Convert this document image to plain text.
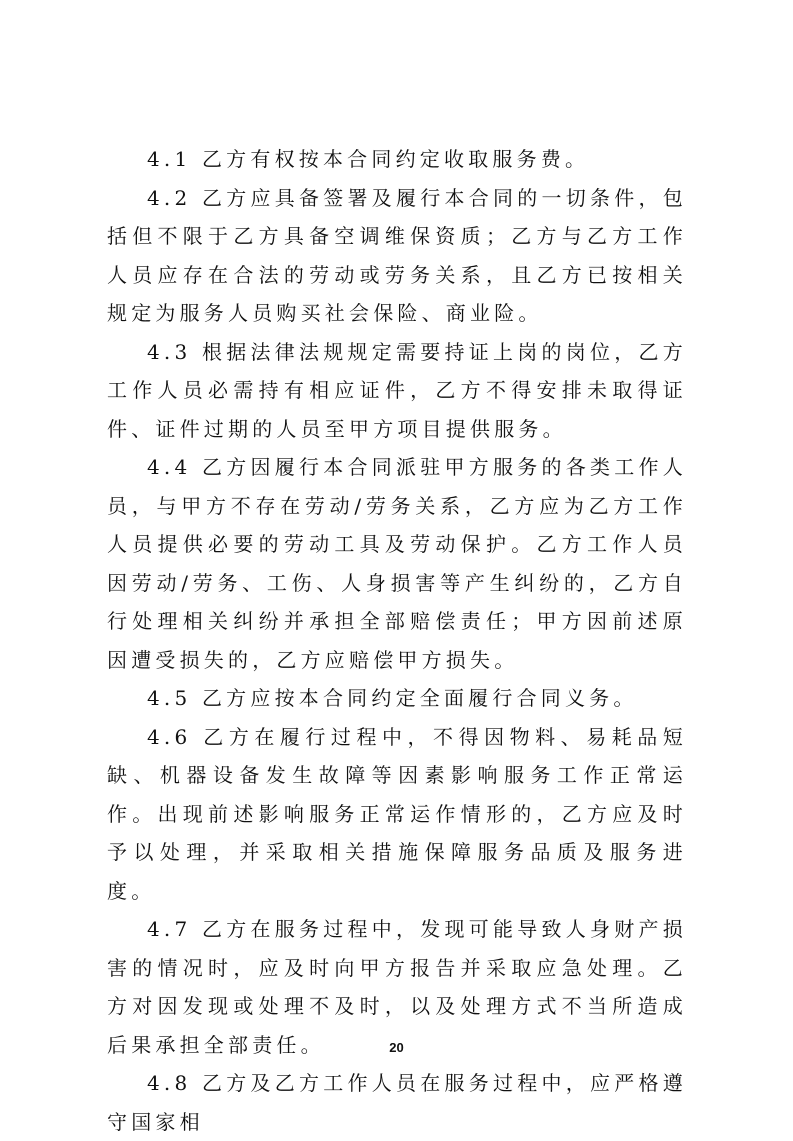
4.1 乙方有权按本合同约定收取服务费。

4.2 乙方应具备签署及履行本合同的一切条件，包括但不限于乙方具备空调维保资质；乙方与乙方工作人员应存在合法的劳动或劳务关系，且乙方已按相关规定为服务人员购买社会保险、商业险。

4.3 根据法律法规规定需要持证上岗的岗位，乙方工作人员必需持有相应证件，乙方不得安排未取得证件、证件过期的人员至甲方项目提供服务。

4.4 乙方因履行本合同派驻甲方服务的各类工作人员，与甲方不存在劳动/劳务关系，乙方应为乙方工作人员提供必要的劳动工具及劳动保护。乙方工作人员因劳动/劳务、工伤、人身损害等产生纠纷的，乙方自行处理相关纠纷并承担全部赔偿责任；甲方因前述原因遭受损失的，乙方应赔偿甲方损失。

4.5 乙方应按本合同约定全面履行合同义务。

4.6 乙方在履行过程中，不得因物料、易耗品短缺、机器设备发生故障等因素影响服务工作正常运作。出现前述影响服务正常运作情形的，乙方应及时予以处理，并采取相关措施保障服务品质及服务进度。

4.7 乙方在服务过程中，发现可能导致人身财产损害的情况时，应及时向甲方报告并采取应急处理。乙方对因发现或处理不及时，以及处理方式不当所造成后果承担全部责任。

4.8 乙方及乙方工作人员在服务过程中，应严格遵守国家相

20
